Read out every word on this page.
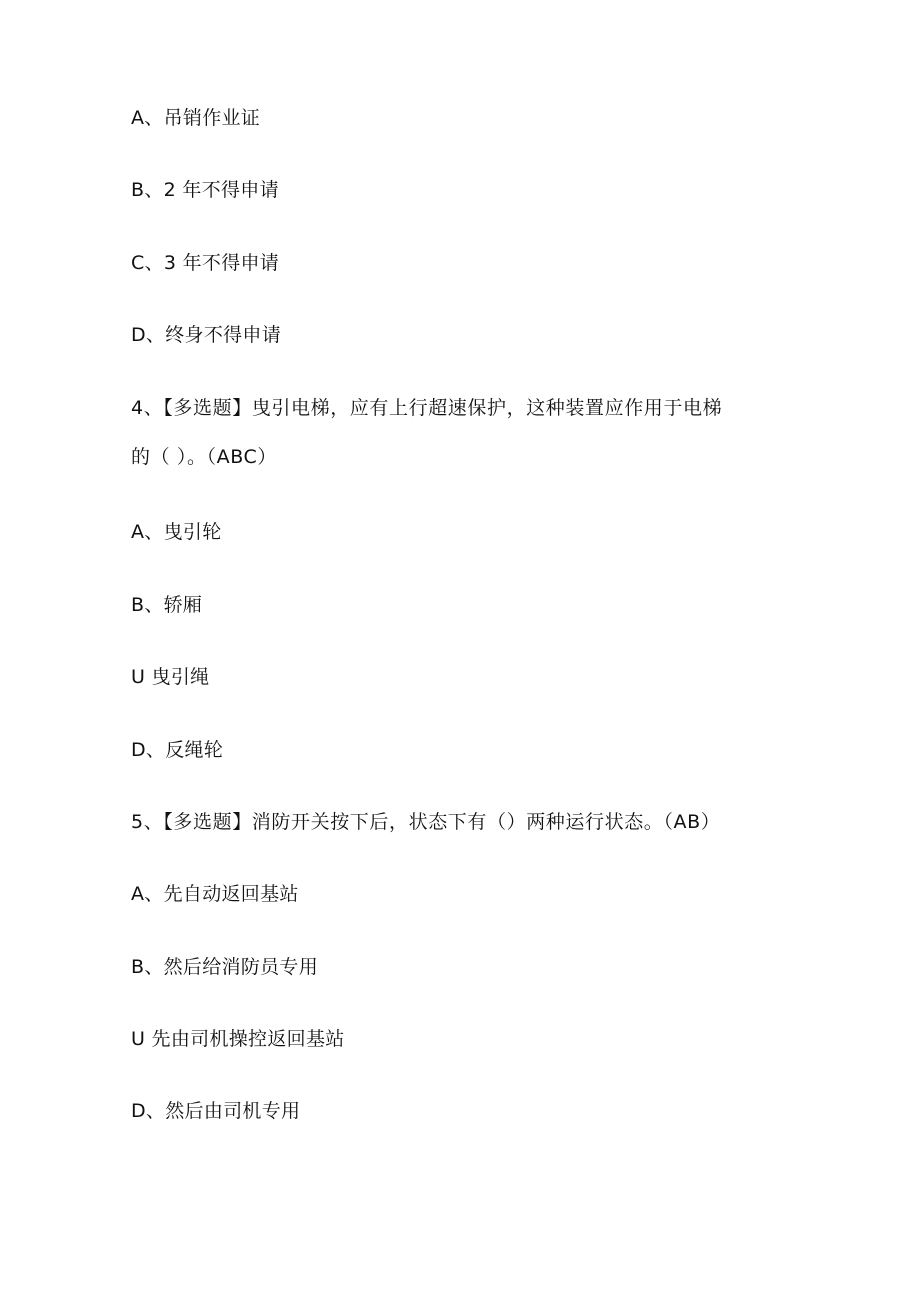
A、吊销作业证
B、2 年不得申请
C、3 年不得申请
D、终身不得申请
4、【多选题】曳引电梯，应有上行超速保护，这种装置应作用于电梯
的（ ）。（ABC）
A、曳引轮
B、轿厢
U 曳引绳
D、反绳轮
5、【多选题】消防开关按下后，状态下有（）两种运行状态。（AB）
A、先自动返回基站
B、然后给消防员专用
U 先由司机操控返回基站
D、然后由司机专用
